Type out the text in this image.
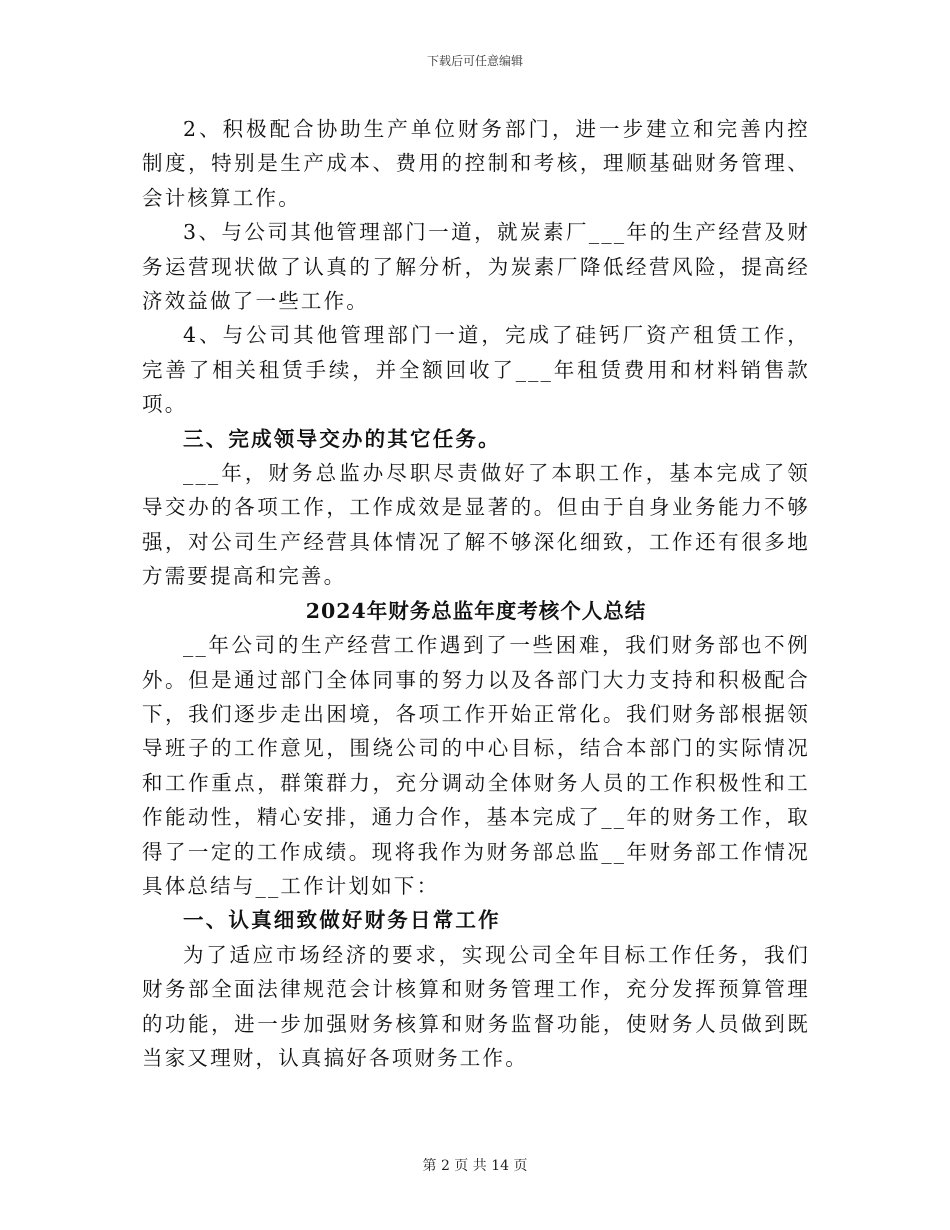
下载后可任意编辑

2、积极配合协助生产单位财务部门，进一步建立和完善内控制度，特别是生产成本、费用的控制和考核，理顺基础财务管理、会计核算工作。

3、与公司其他管理部门一道，就炭素厂___年的生产经营及财务运营现状做了认真的了解分析，为炭素厂降低经营风险，提高经济效益做了一些工作。

4、与公司其他管理部门一道，完成了硅钙厂资产租赁工作，完善了相关租赁手续，并全额回收了___年租赁费用和材料销售款项。

三、完成领导交办的其它任务。

___年，财务总监办尽职尽责做好了本职工作，基本完成了领导交办的各项工作，工作成效是显著的。但由于自身业务能力不够强，对公司生产经营具体情况了解不够深化细致，工作还有很多地方需要提高和完善。

2024年财务总监年度考核个人总结

__年公司的生产经营工作遇到了一些困难，我们财务部也不例外。但是通过部门全体同事的努力以及各部门大力支持和积极配合下，我们逐步走出困境，各项工作开始正常化。我们财务部根据领导班子的工作意见，围绕公司的中心目标，结合本部门的实际情况和工作重点，群策群力，充分调动全体财务人员的工作积极性和工作能动性，精心安排，通力合作，基本完成了__年的财务工作，取得了一定的工作成绩。现将我作为财务部总监__年财务部工作情况具体总结与__工作计划如下：

一、认真细致做好财务日常工作

为了适应市场经济的要求，实现公司全年目标工作任务，我们财务部全面法律规范会计核算和财务管理工作，充分发挥预算管理的功能，进一步加强财务核算和财务监督功能，使财务人员做到既当家又理财，认真搞好各项财务工作。

第 2 页 共 14 页
